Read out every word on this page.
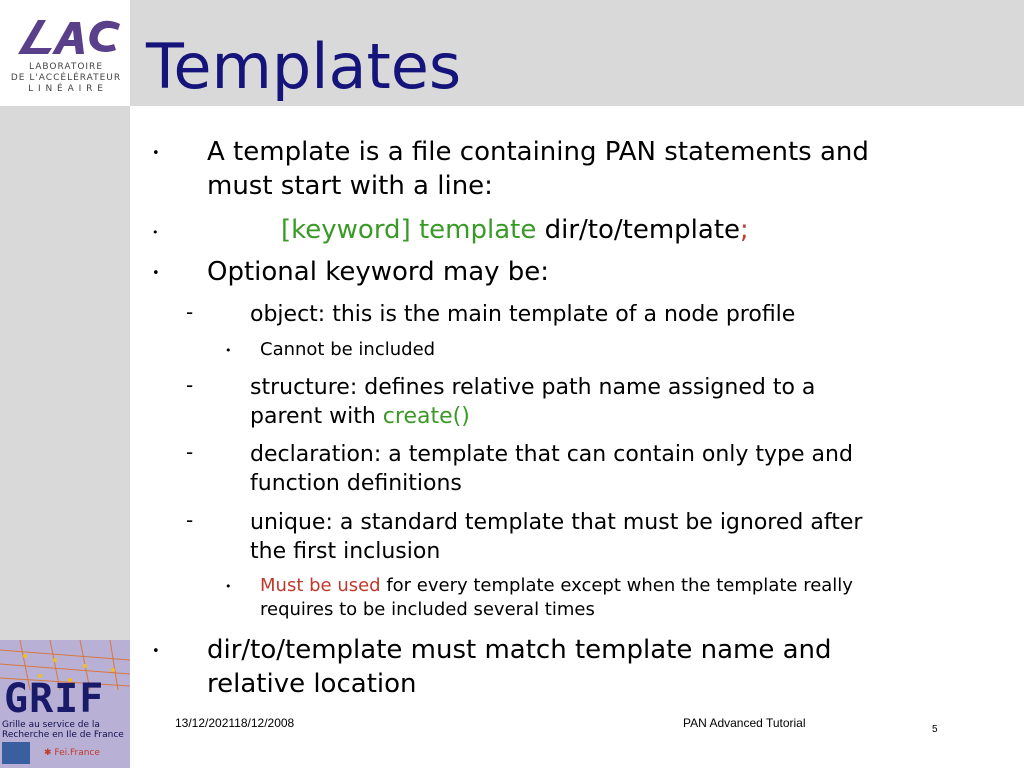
LABORATOIRE
DE L'ACCÉLÉRATEUR
L I N É A I R E Templates
• A template is a file containing PAN statements and
must start with a line:
•	[keyword] template dir/to/template;
• Optional keyword may be:
-	object: this is the main template of a node profile
• Cannot be included
-	structure: defines relative path name assigned to a
parent with create()
-	declaration: a template that can contain only type and
function definitions
-	unique: a standard template that must be ignored after
the first inclusion
• Must be used for every template except when the template really
requires to be included several times
• dir/to/template must match template name and
relative location
GRIF
Grille au service de la
Recherche en Ile de France
✱ Fei.France
13/12/202118/12/2008	PAN Advanced Tutorial	5
